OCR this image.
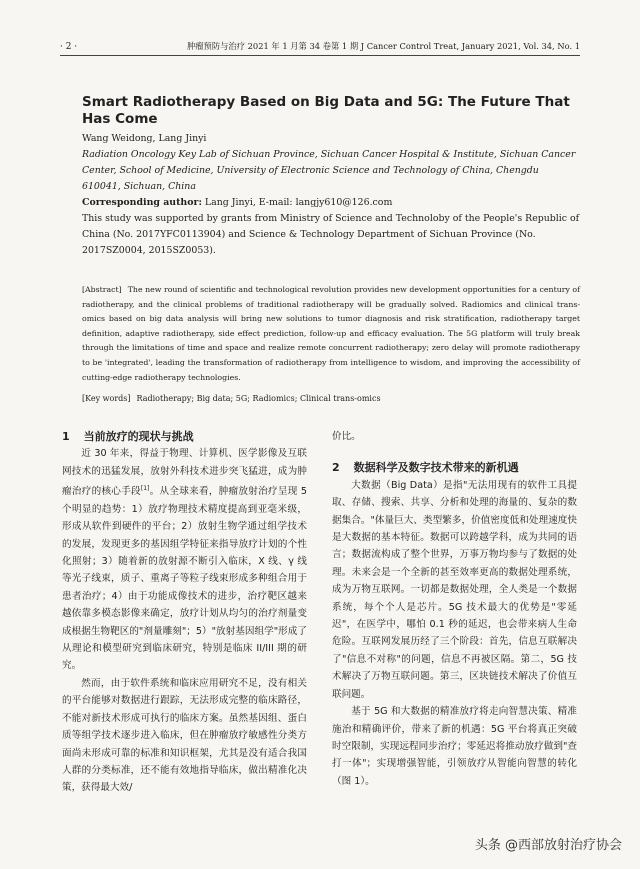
· 2 ·	肿瘤预防与治疗 2021 年 1 月第 34 卷第 1 期 J Cancer Control Treat, January 2021, Vol. 34, No. 1
Smart Radiotherapy Based on Big Data and 5G: The Future That Has Come
Wang Weidong, Lang Jinyi
Radiation Oncology Key Lab of Sichuan Province, Sichuan Cancer Hospital & Institute, Sichuan Cancer Center, School of Medicine, University of Electronic Science and Technology of China, Chengdu 610041, Sichuan, China
Corresponding author: Lang Jinyi, E-mail: langjy610@126.com
This study was supported by grants from Ministry of Science and Technoloby of the People's Republic of China (No. 2017YFC0113904) and Science & Technology Department of Sichuan Province (No. 2017SZ0004, 2015SZ0053).
[Abstract] The new round of scientific and technological revolution provides new development opportunities for a century of radiotherapy, and the clinical problems of traditional radiotherapy will be gradually solved. Radiomics and clinical trans-omics based on big data analysis will bring new solutions to tumor diagnosis and risk stratification, radiotherapy target definition, adaptive radiotherapy, side effect prediction, follow-up and efficacy evaluation. The 5G platform will truly break through the limitations of time and space and realize remote concurrent radiotherapy; zero delay will promote radiotherapy to be 'integrated', leading the transformation of radiotherapy from intelligence to wisdom, and improving the accessibility of cutting-edge radiotherapy technologies.
[Key words] Radiotherapy; Big data; 5G; Radiomics; Clinical trans-omics

1 当前放疗的现状与挑战

近 30 年来，得益于物理、计算机、医学影像及互联网技术的迅猛发展，放射外科技术进步突飞猛进，成为肿瘤治疗的核心手段[1]。从全球来看，肿瘤放射治疗呈现 5 个明显的趋势：1）放疗物理技术精度提高到亚毫米级，形成从软件到硬件的平台；2）放射生物学通过组学技术的发展，发现更多的基因组学特征来指导放疗计划的个性化照射；3）随着新的放射源不断引入临床，X 线、γ 线等光子线束，质子、重离子等粒子线束形成多种组合用于患者治疗；4）由于功能成像技术的进步，治疗靶区越来越依靠多模态影像来确定，放疗计划从均匀的治疗剂量变成根据生物靶区的"剂量雕刻"；5）"放射基因组学"形成了从理论和模型研究到临床研究，特别是临床 II/III 期的研究。

然而，由于软件系统和临床应用研究不足，没有相关的平台能够对数据进行跟踪，无法形成完整的临床路径，不能对新技术形成可执行的临床方案。虽然基因组、蛋白质等组学技术逐步进入临床，但在肿瘤放疗敏感性分类方面尚未形成可靠的标准和知识框架，尤其是没有适合我国人群的分类标准，还不能有效地指导临床，做出精准化决策，获得最大效/

价比。

2 数据科学及数字技术带来的新机遇

大数据（Big Data）是指"无法用现有的软件工具提取、存储、搜索、共享、分析和处理的海量的、复杂的数据集合。"体量巨大、类型繁多，价值密度低和处理速度快是大数据的基本特征。数据可以跨越学科，成为共同的语言；数据流构成了整个世界，万事万物均参与了数据的处理。未来会是一个全新的甚至效率更高的数据处理系统，成为万物互联网。一切都是数据处理，全人类是一个数据系统，每个个人是芯片。5G 技术最大的优势是"零延迟"，在医学中，哪怕 0.1 秒的延迟，也会带来病人生命危险。互联网发展历经了三个阶段：首先，信息互联解决了"信息不对称"的问题，信息不再被区隔。第二，5G 技术解决了万物互联问题。第三，区块链技术解决了价值互联问题。

基于 5G 和大数据的精准放疗将走向智慧决策、精准施治和精确评价，带来了新的机遇：5G 平台将真正突破时空限制，实现远程同步治疗；零延迟将推动放疗做到"查打一体"；实现增强智能，引领放疗从智能向智慧的转化（图 1）。

头条 @西部放射治疗协会
